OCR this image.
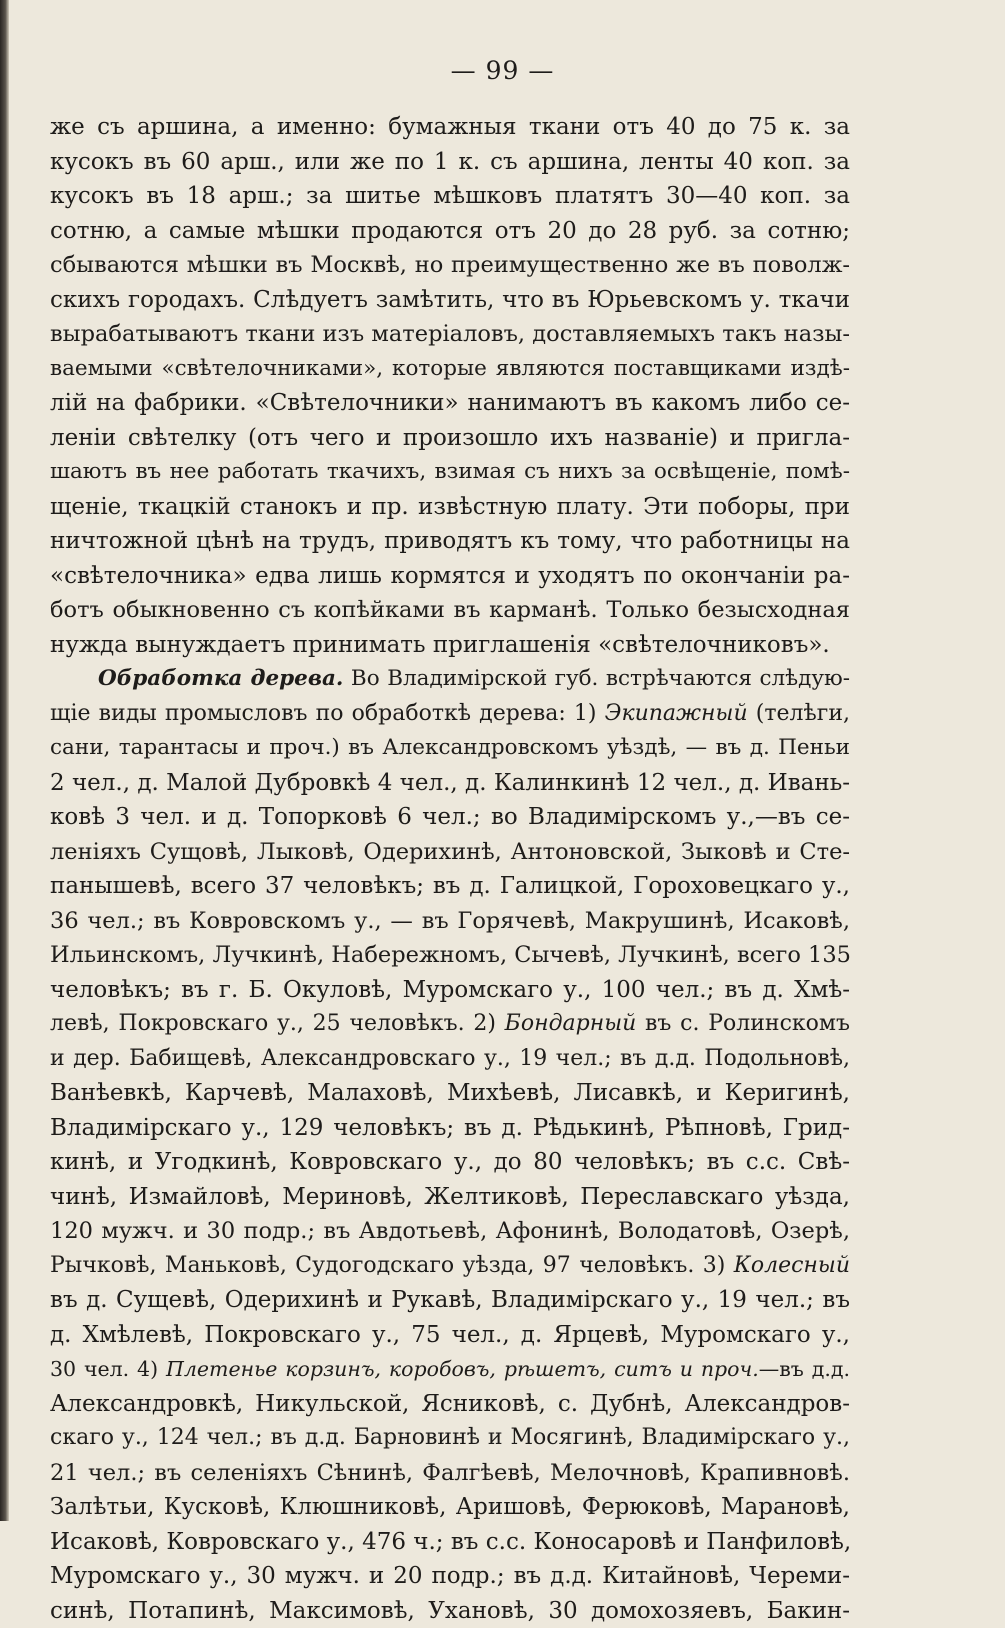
— 99 —
же съ аршина, а именно: бумажныя ткани отъ 40 до 75 к. за
кусокъ въ 60 арш., или же по 1 к. съ аршина, ленты 40 коп. за
кусокъ въ 18 арш.; за шитье мѣшковъ платятъ 30—40 коп. за
сотню, а самые мѣшки продаются отъ 20 до 28 руб. за сотню;
сбываются мѣшки въ Москвѣ, но преимущественно же въ поволж-
скихъ городахъ. Слѣдуетъ замѣтить, что въ Юрьевскомъ у. ткачи
вырабатываютъ ткани изъ матеріаловъ, доставляемыхъ такъ назы-
ваемыми «свѣтелочниками», которые являются поставщиками издѣ-
лій на фабрики. «Свѣтелочники» нанимаютъ въ какомъ либо се-
леніи свѣтелку (отъ чего и произошло ихъ названіе) и пригла-
шаютъ въ нее работать ткачихъ, взимая съ нихъ за освѣщеніе, помѣ-
щеніе, ткацкій станокъ и пр. извѣстную плату. Эти поборы, при
ничтожной цѣнѣ на трудъ, приводятъ къ тому, что работницы на
«свѣтелочника» едва лишь кормятся и уходятъ по окончаніи ра-
ботъ обыкновенно съ копѣйками въ карманѣ. Только безысходная
нужда вынуждаетъ принимать приглашенія «свѣтелочниковъ».
Обработка дерева. Во Владимірской губ. встрѣчаются слѣдую-
щіе виды промысловъ по обработкѣ дерева: 1) Экипажный (телѣги,
сани, тарантасы и проч.) въ Александровскомъ уѣздѣ, — въ д. Пеньи
2 чел., д. Малой Дубровкѣ 4 чел., д. Калинкинѣ 12 чел., д. Ивань-
ковѣ 3 чел. и д. Топорковѣ 6 чел.; во Владимірскомъ у.,—въ се-
леніяхъ Сущовѣ, Лыковѣ, Одерихинѣ, Антоновской, Зыковѣ и Сте-
панышевѣ, всего 37 человѣкъ; въ д. Галицкой, Гороховецкаго у.,
36 чел.; въ Ковровскомъ у., — въ Горячевѣ, Макрушинѣ, Исаковѣ,
Ильинскомъ, Лучкинѣ, Набережномъ, Сычевѣ, Лучкинѣ, всего 135
человѣкъ; въ г. Б. Окуловѣ, Муромскаго у., 100 чел.; въ д. Хмѣ-
левѣ, Покровскаго у., 25 человѣкъ. 2) Бондарный въ с. Ролинскомъ
и дер. Бабищевѣ, Александровскаго у., 19 чел.; въ д.д. Подольновѣ,
Ванѣевкѣ, Карчевѣ, Малаховѣ, Михѣевѣ, Лисавкѣ, и Керигинѣ,
Владимірскаго у., 129 человѣкъ; въ д. Рѣдькинѣ, Рѣпновѣ, Грид-
кинѣ, и Угодкинѣ, Ковровскаго у., до 80 человѣкъ; въ с.с. Свѣ-
чинѣ, Измайловѣ, Мериновѣ, Желтиковѣ, Переславскаго уѣзда,
120 мужч. и 30 подр.; въ Авдотьевѣ, Афонинѣ, Володатовѣ, Озерѣ,
Рычковѣ, Маньковѣ, Судогодскаго уѣзда, 97 человѣкъ. 3) Колесный
въ д. Сущевѣ, Одерихинѣ и Рукавѣ, Владимірскаго у., 19 чел.; въ
д. Хмѣлевѣ, Покровскаго у., 75 чел., д. Ярцевѣ, Муромскаго у.,
30 чел. 4) Плетенье корзинъ, коробовъ, рѣшетъ, ситъ и проч.—въ д.д.
Александровкѣ, Никульской, Ясниковѣ, с. Дубнѣ, Александров-
скаго у., 124 чел.; въ д.д. Барновинѣ и Мосягинѣ, Владимірскаго у.,
21 чел.; въ селеніяхъ Сѣнинѣ, Фалгѣевѣ, Мелочновѣ, Крапивновѣ.
Залѣтьи, Кусковѣ, Клюшниковѣ, Аришовѣ, Ферюковѣ, Марановѣ,
Исаковѣ, Ковровскаго у., 476 ч.; въ с.с. Коносаровѣ и Панфиловѣ,
Муромскаго у., 30 мужч. и 20 подр.; въ д.д. Китайновѣ, Череми-
синѣ, Потапинѣ, Максимовѣ, Ухановѣ, 30 домохозяевъ, Бакин-
